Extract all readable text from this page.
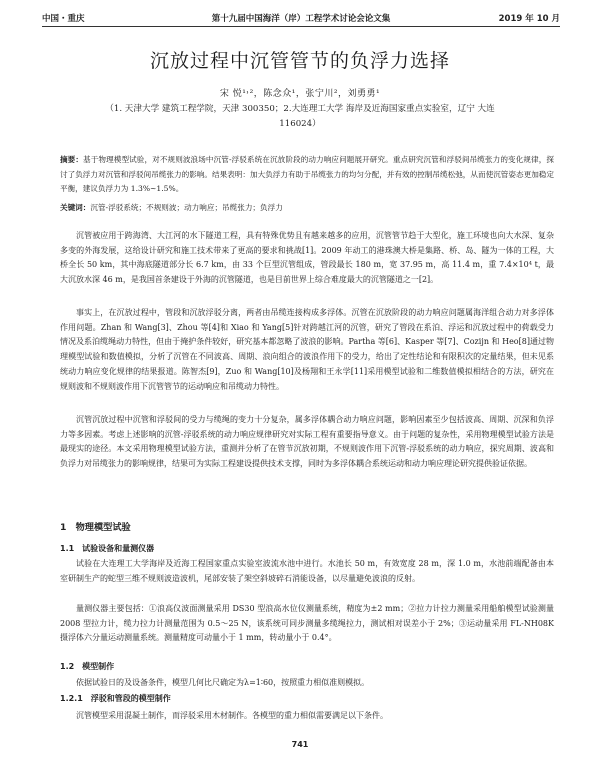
中国・重庆	第十九届中国海洋（岸）工程学术讨论会论文集	2019 年 10 月
沉放过程中沉管管节的负浮力选择
宋 悦¹˒²，陈念众¹，张宁川²，刘勇勇¹
（1. 天津大学 建筑工程学院，天津 300350；2.大连理工大学 海岸及近海国家重点实验室，辽宁 大连 116024）
摘要：基于物理模型试验，对不规则波浪场中沉管-浮驳系统在沉放阶段的动力响应问题展开研究。重点研究沉管和浮驳间吊缆张力的变化规律，探讨了负浮力对沉管和浮驳间吊缆张力的影响。结果表明：加大负浮力有助于吊缆张力的均匀分配，并有效的控制吊缆松弛，从而使沉管姿态更加稳定平衡，建议负浮力为 1.3%~1.5%。
关键词：沉管-浮驳系统；不规则波；动力响应；吊缆张力；负浮力

沉管被应用于跨海湾、大江河的水下隧道工程，具有特殊优势且有越来越多的应用，沉管管节趋于大型化，施工环境也向大水深、复杂多变的外海发展，这给设计研究和施工技术带来了更高的要求和挑战[1]。2009 年动工的港珠澳大桥是集路、桥、岛、隧为一体的工程，大桥全长 50 km，其中海底隧道部分长 6.7 km，由 33 个巨型沉管组成，管段最长 180 m，宽 37.95 m，高 11.4 m，重 7.4×10⁴ t，最大沉放水深 46 m，是我国首条建设于外海的沉管隧道，也是目前世界上综合难度最大的沉管隧道之一[2]。

事实上，在沉放过程中，管段和沉放浮驳分离，两者由吊缆连接构成多浮体。沉管在沉放阶段的动力响应问题属海洋组合动力对多浮体作用问题。Zhan 和 Wang[3]、Zhou 等[4]和 Xiao 和 Yang[5]针对跨越江河的沉管，研究了管段在系泊、浮运和沉放过程中的荷载受力情况及系泊缆绳动力特性，但由于掩护条件较好，研究基本都忽略了波浪的影响。Partha 等[6]、Kasper 等[7]、Cozijn 和 Heo[8]通过物理模型试验和数值模拟，分析了沉管在不同波高、周期、浪向组合的波浪作用下的受力，给出了定性结论和有限积次的定量结果，但未见系统动力响应变化规律的结果报道。陈智杰[9]，Zuo 和 Wang[10]及杨翔和王永学[11]采用模型试验和二维数值模拟相结合的方法，研究在规则波和不规则波作用下沉管管节的运动响应和吊缆动力特性。

沉管沉放过程中沉管和浮驳间的受力与缆绳的变力十分复杂，属多浮体耦合动力响应问题，影响因素至少包括波高、周期、沉深和负浮力等多因素。考虑上述影响的沉管-浮驳系统的动力响应规律研究对实际工程有重要指导意义。由于问题的复杂性，采用物理模型试验方法是最现实的途径。本文采用物理模型试验方法，重测并分析了在管节沉放初期，不规则波作用下沉管-浮驳系统的动力响应，探究周期、波高和负浮力对吊缆张力的影响规律，结果可为实际工程建设提供技术支撑，同时为多浮体耦合系统运动和动力响应理论研究提供验证依据。

1　物理模型试验
1.1　试验设备和量测仪器

试验在大连理工大学海岸及近海工程国家重点实验室波流水池中进行。水池长 50 m，有效宽度 28 m，深 1.0 m，水池前端配备由本室研制生产的蛇型三维不规则波造波机，尾部安装了架空斜坡碎石消能设备，以尽量避免波浪的反射。

量测仪器主要包括：①浪高仪波面测量采用 DS30 型浪高水位仪测量系统，精度为±2 mm；②拉力计拉力测量采用船舶模型试验测量 2008 型拉力计，缆力拉力计测量范围为 0.5～25 N，该系统可同步测量多缆绳拉力，测试相对误差小于 2%；③运动量采用 FL-NH08K 摄浮体六分量运动测量系统。测量精度可动量小于 1 mm，转动量小于 0.4°。

1.2　模型制作

依据试验日的及设备条件，模型几何比尺确定为λ=1∶60，按照重力相似准则模拟。

1.2.1　浮驳和管段的模型制作

沉管模型采用混凝土制作，而浮驳采用木材制作。各模型的重力相似需要满足以下条件。

741
